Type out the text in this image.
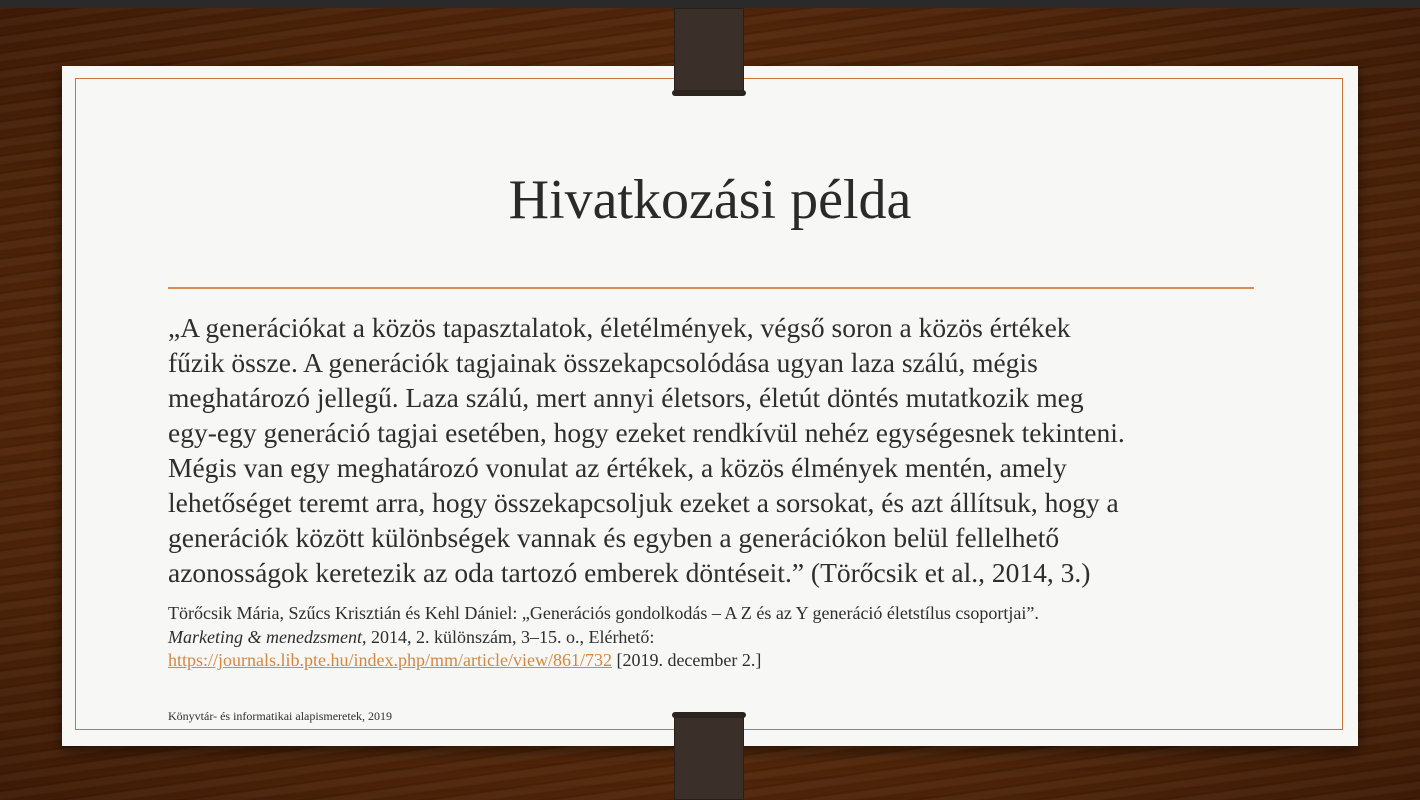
Hivatkozási példa
„A generációkat a közös tapasztalatok, életélmények, végső soron a közös értékek
fűzik össze. A generációk tagjainak összekapcsolódása ugyan laza szálú, mégis
meghatározó jellegű. Laza szálú, mert annyi életsors, életút döntés mutatkozik meg
egy-egy generáció tagjai esetében, hogy ezeket rendkívül nehéz egységesnek tekinteni.
Mégis van egy meghatározó vonulat az értékek, a közös élmények mentén, amely
lehetőséget teremt arra, hogy összekapcsoljuk ezeket a sorsokat, és azt állítsuk, hogy a
generációk között különbségek vannak és egyben a generációkon belül fellelhető
azonosságok keretezik az oda tartozó emberek döntéseit.” (Törőcsik et al., 2014, 3.)
Törőcsik Mária, Szűcs Krisztián és Kehl Dániel: „Generációs gondolkodás – A Z és az Y generáció életstílus csoportjai”.
Marketing & menedzsment, 2014, 2. különszám, 3–15. o., Elérhető:
https://journals.lib.pte.hu/index.php/mm/article/view/861/732 [2019. december 2.]
Könyvtár- és informatikai alapismeretek, 2019
